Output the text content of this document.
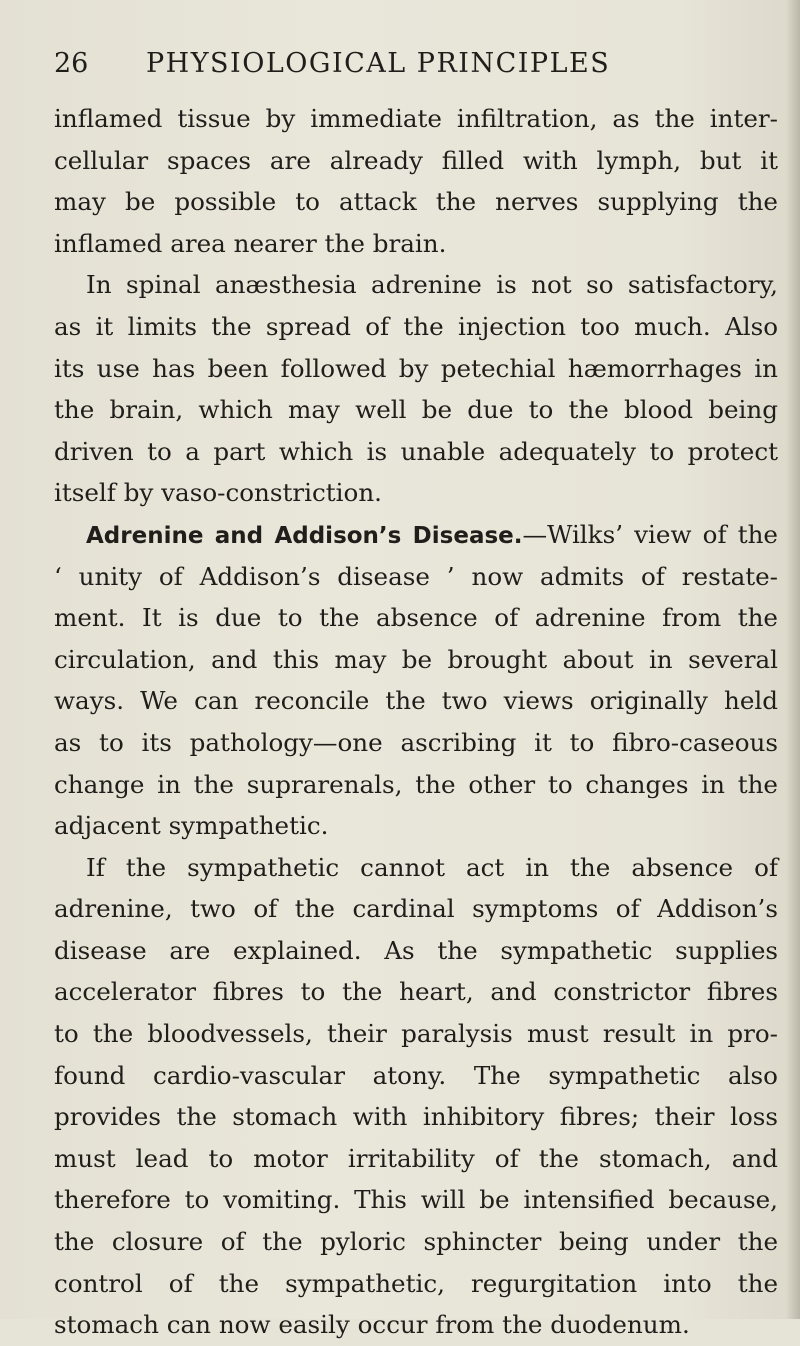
26 PHYSIOLOGICAL PRINCIPLES
inflamed tissue by immediate infiltration, as the inter-
cellular spaces are already filled with lymph, but it
may be possible to attack the nerves supplying the
inflamed area nearer the brain.
In spinal anæsthesia adrenine is not so satisfactory,
as it limits the spread of the injection too much. Also
its use has been followed by petechial hæmorrhages in
the brain, which may well be due to the blood being
driven to a part which is unable adequately to protect
itself by vaso-constriction.
Adrenine and Addison’s Disease.—Wilks’ view of the
‘ unity of Addison’s disease ’ now admits of restate-
ment. It is due to the absence of adrenine from the
circulation, and this may be brought about in several
ways. We can reconcile the two views originally held
as to its pathology—one ascribing it to fibro-caseous
change in the suprarenals, the other to changes in the
adjacent sympathetic.
If the sympathetic cannot act in the absence of
adrenine, two of the cardinal symptoms of Addison’s
disease are explained. As the sympathetic supplies
accelerator fibres to the heart, and constrictor fibres
to the bloodvessels, their paralysis must result in pro-
found cardio-vascular atony. The sympathetic also
provides the stomach with inhibitory fibres; their loss
must lead to motor irritability of the stomach, and
therefore to vomiting. This will be intensified because,
the closure of the pyloric sphincter being under the
control of the sympathetic, regurgitation into the
stomach can now easily occur from the duodenum.
